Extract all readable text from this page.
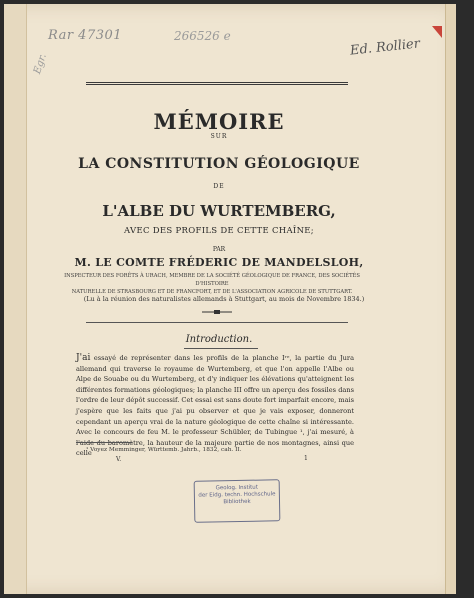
Rar 47301	266526 e
Egr.
Ed. Rollier
MÉMOIRE
SUR
LA CONSTITUTION GÉOLOGIQUE
DE
L'ALBE DU WURTEMBERG,
AVEC DES PROFILS DE CETTE CHAÎNE;
PAR
M. LE COMTE FRÉDERIC DE MANDELSLOH,
INSPECTEUR DES FORÊTS À URACH, MEMBRE DE LA SOCIÉTÉ GÉOLOGIQUE DE FRANCE, DES SOCIÉTÉS D'HISTOIRE
NATURELLE DE STRASBOURG ET DE FRANCFORT, ET DE L'ASSOCIATION AGRICOLE DE STUTTGART.
(Lu à la réunion des naturalistes allemands à Stuttgart, au mois de Novembre 1834.)
Introduction.
J'ai essayé de représenter dans les profils de la planche Iʳᵉ, la partie du Jura allemand qui traverse le royaume de Wurtemberg, et que l'on appelle l'Albe ou Alpe de Souabe ou du Wurtemberg, et d'y indiquer les élévations qu'atteignent les différentes formations géologiques; la planche III offre un aperçu des fossiles dans l'ordre de leur dépôt successif. Cet essai est sans doute fort imparfait encore, mais j'espère que les faits que j'ai pu observer et que je vais exposer, donneront cependant un aperçu vrai de la nature géologique de cette chaîne si intéressante. Avec le concours de feu M. le professeur Schübler, de Tubingue ¹, j'ai mesuré, à l'aide du baromètre, la hauteur de la majeure partie de nos montagnes, ainsi que celle
¹ Voyez Memminger, Württemb. Jahrb., 1832, cah. II.
V.	1
Geolog. Institut
der Eidg. techn. Hochschule
Bibliothek
